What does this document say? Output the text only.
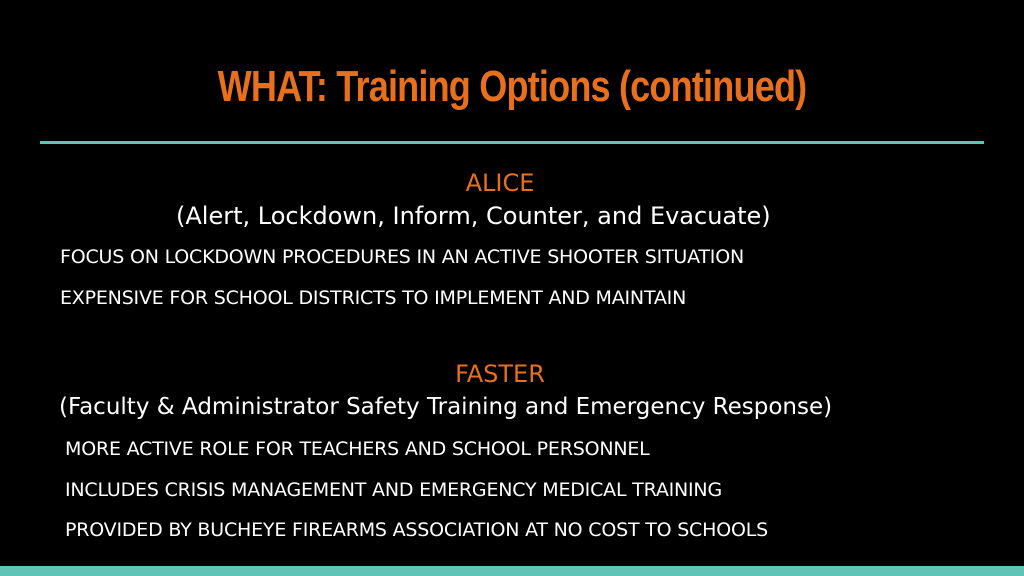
WHAT: Training Options (continued)
ALICE
(Alert, Lockdown, Inform, Counter, and Evacuate)
FOCUS ON LOCKDOWN PROCEDURES IN AN ACTIVE SHOOTER SITUATION
EXPENSIVE FOR SCHOOL DISTRICTS TO IMPLEMENT AND MAINTAIN
FASTER
(Faculty & Administrator Safety Training and Emergency Response)
MORE ACTIVE ROLE FOR TEACHERS AND SCHOOL PERSONNEL
INCLUDES CRISIS MANAGEMENT AND EMERGENCY MEDICAL TRAINING
PROVIDED BY BUCHEYE FIREARMS ASSOCIATION AT NO COST TO SCHOOLS
